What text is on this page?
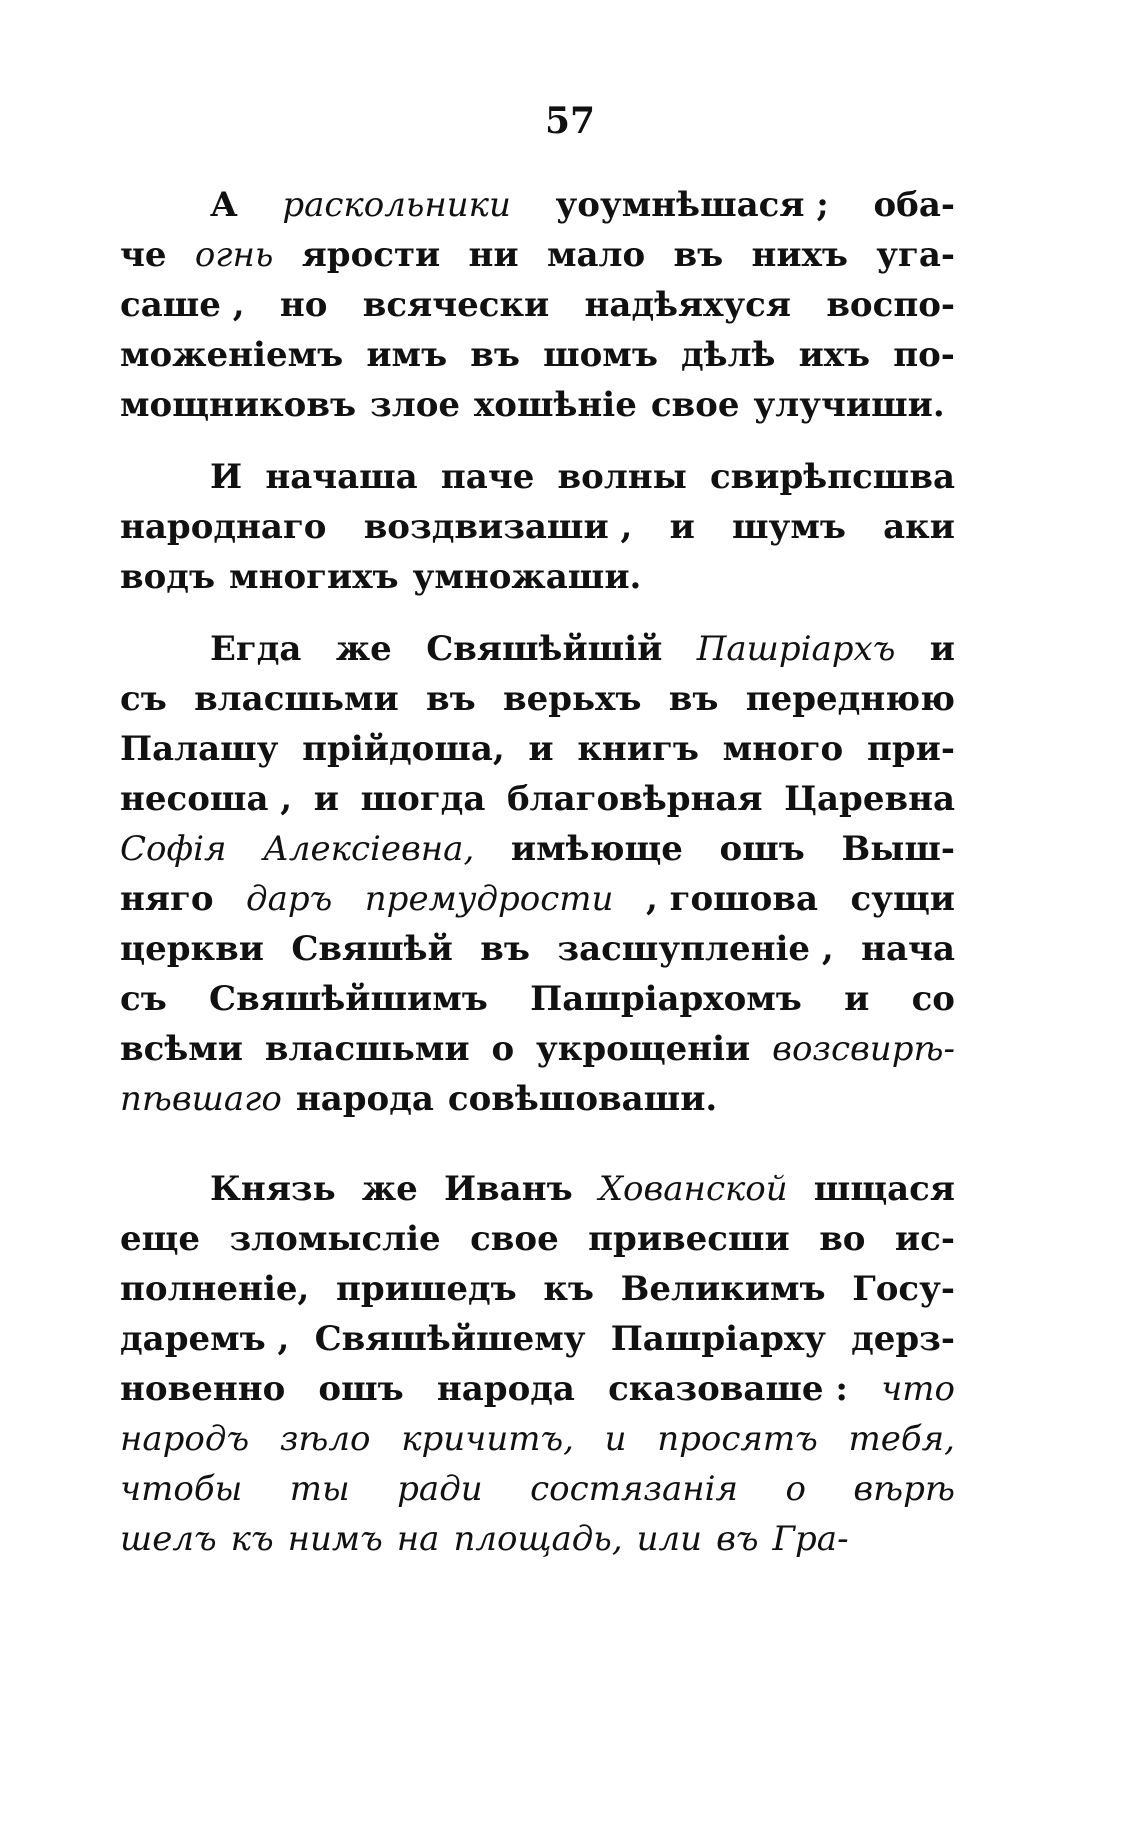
57
А раскольники уоумнѣшася ; оба-
че огнь ярости ни мало въ нихъ уга-
саше , но всячески надѣяхуся воспо-
моженіемъ имъ въ шомъ дѣлѣ ихъ по-
мощниковъ злое хошѣніе свое улучиши.
И начаша паче волны свирѣпсшва
народнаго воздвизаши , и шумъ аки
водъ многихъ умножаши.
Егда же Свяшѣйшій Пашріархъ и
съ власшьми въ верьхъ въ переднюю
Палашу прійдоша, и книгъ много при-
несоша , и шогда благовѣрная Царевна
Софія Алексіевна, имѣюще ошъ Выш-
няго даръ премудрости , гошова сущи
церкви Свяшѣй въ засшупленіе , нача
съ Свяшѣйшимъ Пашріархомъ и со
всѣми власшьми о укрощеніи возсвирѣ-
пѣвшаго народа совѣшоваши.
Князь же Иванъ Хованской шщася
еще зломысліе свое привесши во ис-
полненіе, пришедъ къ Великимъ Госу-
даремъ , Свяшѣйшему Пашріарху дерз-
новенно ошъ народа сказоваше : что
народъ зѣло кричитъ, и просятъ тебя,
чтобы ты ради состязанія о вѣрѣ
шелъ къ нимъ на площадь, или въ Гра-
